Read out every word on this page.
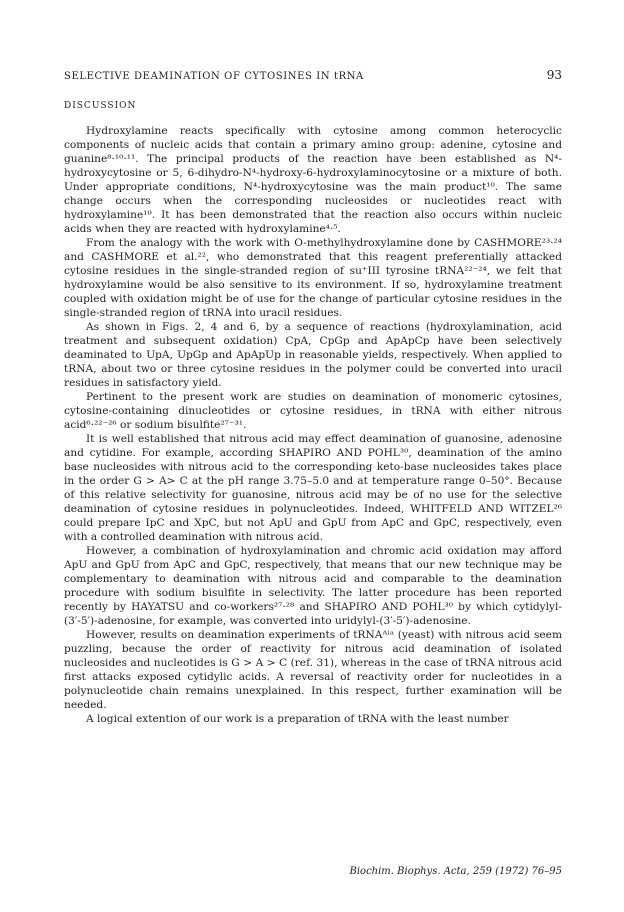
SELECTIVE DEAMINATION OF CYTOSINES IN tRNA	93
DISCUSSION

Hydroxylamine reacts specifically with cytosine among common heterocyclic components of nucleic acids that contain a primary amino group: adenine, cytosine and guanine⁸·¹⁰·¹¹. The principal products of the reaction have been established as N⁴-hydroxycytosine or 5, 6-dihydro-N⁴-hydroxy-6-hydroxylaminocytosine or a mixture of both. Under appropriate conditions, N⁴-hydroxycytosine was the main product¹⁰. The same change occurs when the corresponding nucleosides or nucleotides react with hydroxylamine¹⁰. It has been demonstrated that the reaction also occurs within nucleic acids when they are reacted with hydroxylamine⁴·⁵.

From the analogy with the work with O-methylhydroxylamine done by CASHMORE²³·²⁴ and CASHMORE et al.²², who demonstrated that this reagent preferentially attacked cytosine residues in the single-stranded region of su⁺III tyrosine tRNA²²⁻²⁴, we felt that hydroxylamine would be also sensitive to its environment. If so, hydroxylamine treatment coupled with oxidation might be of use for the change of particular cytosine residues in the single-stranded region of tRNA into uracil residues.

As shown in Figs. 2, 4 and 6, by a sequence of reactions (hydroxylamination, acid treatment and subsequent oxidation) CpA, CpGp and ApApCp have been selectively deaminated to UpA, UpGp and ApApUp in reasonable yields, respectively. When applied to tRNA, about two or three cytosine residues in the polymer could be converted into uracil residues in satisfactory yield.

Pertinent to the present work are studies on deamination of monomeric cytosines, cytosine-containing dinucleotides or cytosine residues, in tRNA with either nitrous acid⁶·²²⁻²⁶ or sodium bisulfite²⁷⁻³¹.

It is well established that nitrous acid may effect deamination of guanosine, adenosine and cytidine. For example, according SHAPIRO AND POHL³⁰, deamination of the amino base nucleosides with nitrous acid to the corresponding keto-base nucleosides takes place in the order G > A> C at the pH range 3.75–5.0 and at temperature range 0–50°. Because of this relative selectivity for guanosine, nitrous acid may be of no use for the selective deamination of cytosine residues in polynucleotides. Indeed, WHITFELD AND WITZEL²⁶ could prepare IpC and XpC, but not ApU and GpU from ApC and GpC, respectively, even with a controlled deamination with nitrous acid.

However, a combination of hydroxylamination and chromic acid oxidation may afford ApU and GpU from ApC and GpC, respectively, that means that our new technique may be complementary to deamination with nitrous acid and comparable to the deamination procedure with sodium bisulfite in selectivity. The latter procedure has been reported recently by HAYATSU and co-workers²⁷·²⁸ and SHAPIRO AND POHL³⁰ by which cytidylyl-(3′-5′)-adenosine, for example, was converted into uridylyl-(3′-5′)-adenosine.

However, results on deamination experiments of tRNAᴬˡᵃ (yeast) with nitrous acid seem puzzling, because the order of reactivity for nitrous acid deamination of isolated nucleosides and nucleotides is G > A > C (ref. 31), whereas in the case of tRNA nitrous acid first attacks exposed cytidylic acids. A reversal of reactivity order for nucleotides in a polynucleotide chain remains unexplained. In this respect, further examination will be needed.

A logical extention of our work is a preparation of tRNA with the least number

Biochim. Biophys. Acta, 259 (1972) 76–95
